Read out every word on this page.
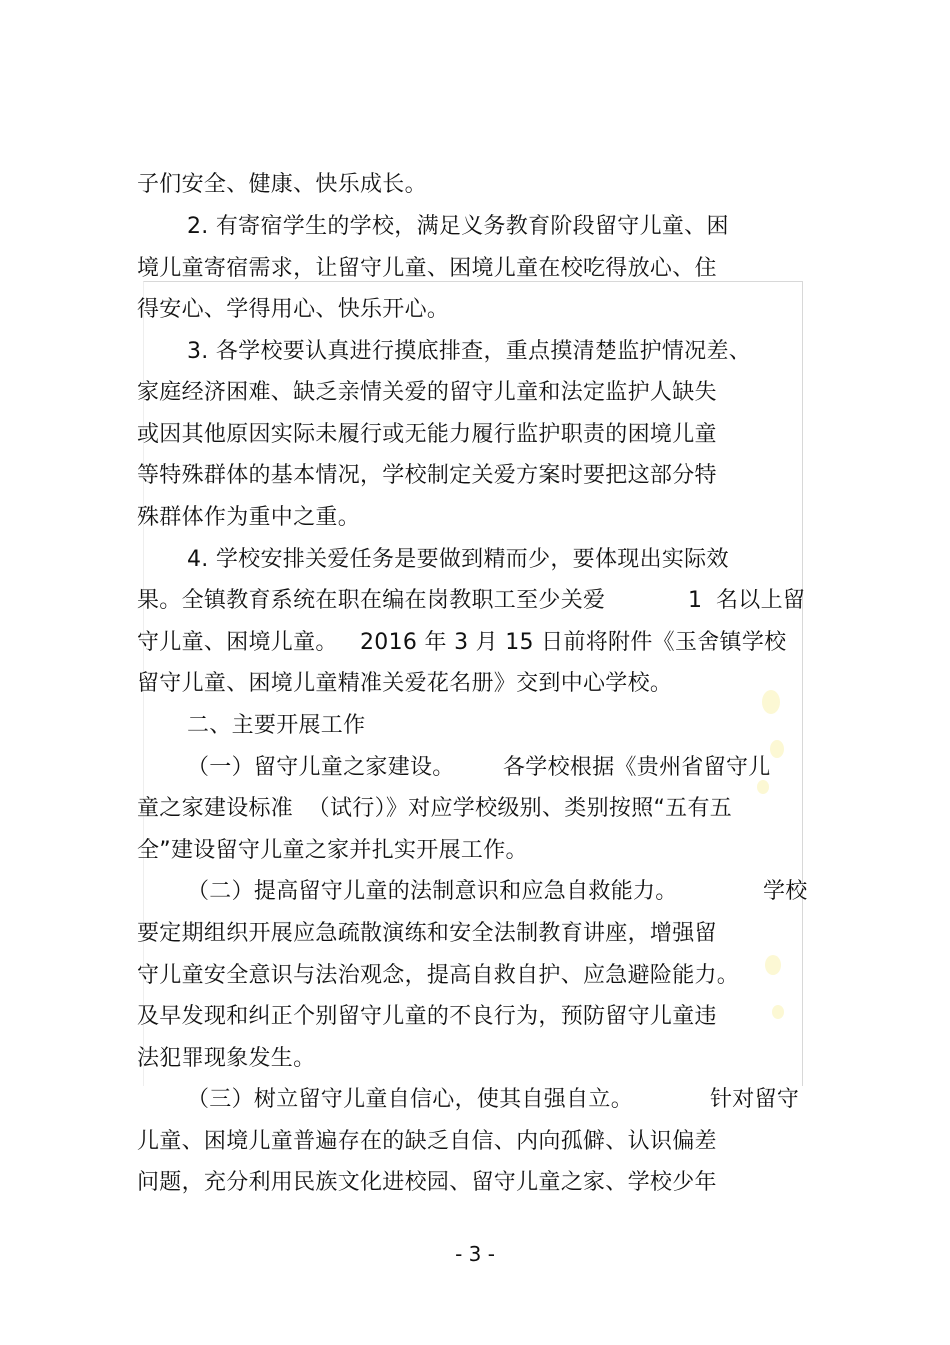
子们安全、健康、快乐成长。
2. 有寄宿学生的学校，满足义务教育阶段留守儿童、困
境儿童寄宿需求，让留守儿童、困境儿童在校吃得放心、住
得安心、学得用心、快乐开心。
3. 各学校要认真进行摸底排查，重点摸清楚监护情况差、
家庭经济困难、缺乏亲情关爱的留守儿童和法定监护人缺失
或因其他原因实际未履行或无能力履行监护职责的困境儿童
等特殊群体的基本情况，学校制定关爱方案时要把这部分特
殊群体作为重中之重。
4. 学校安排关爱任务是要做到精而少，要体现出实际效
果。全镇教育系统在职在编在岗教职工至少关爱	1 名以上留
守儿童、困境儿童。 2016 年 3 月 15 日前将附件《玉舍镇学校
留守儿童、困境儿童精准关爱花名册》交到中心学校。
二、主要开展工作
（一）留守儿童之家建设。 各学校根据《贵州省留守儿
童之家建设标准  （试行）》对应学校级别、类别按照“五有五
全”建设留守儿童之家并扎实开展工作。
（二）提高留守儿童的法制意识和应急自救能力。	学校
要定期组织开展应急疏散演练和安全法制教育讲座，增强留
守儿童安全意识与法治观念，提高自救自护、应急避险能力。
及早发现和纠正个别留守儿童的不良行为，预防留守儿童违
法犯罪现象发生。
（三）树立留守儿童自信心，使其自强自立。	针对留守
儿童、困境儿童普遍存在的缺乏自信、内向孤僻、认识偏差
问题，充分利用民族文化进校园、留守儿童之家、学校少年
- 3 -
